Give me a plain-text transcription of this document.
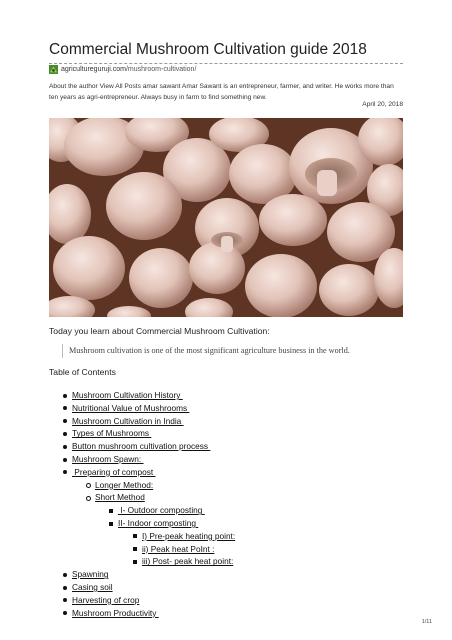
Commercial Mushroom Cultivation guide 2018
agricultureguruji.com /mushroom-cultivation/
About the author View All Posts amar sawant Amar Sawant is an entrepreneur, farmer, and writer. He works more than ten years as agri-entrepreneur. Always busy in farm to find something new.
April 20, 2018
Today you learn about Commercial Mushroom Cultivation:
Mushroom cultivation is one of the most significant agriculture business in the world.
Table of Contents
Mushroom Cultivation History
Nutritional Value of Mushrooms
Mushroom Cultivation in India
Types of Mushrooms
Button mushroom cultivation process
Mushroom Spawn:
Preparing of compost
Longer Method:
Short Method
I- Outdoor composting
II- Indoor composting
I) Pre-peak heating point:
ii) Peak heat PoInt :
iii) Post- peak heat point:
Spawning
Casing soil
Harvesting of crop
Mushroom Productivity
1/11
